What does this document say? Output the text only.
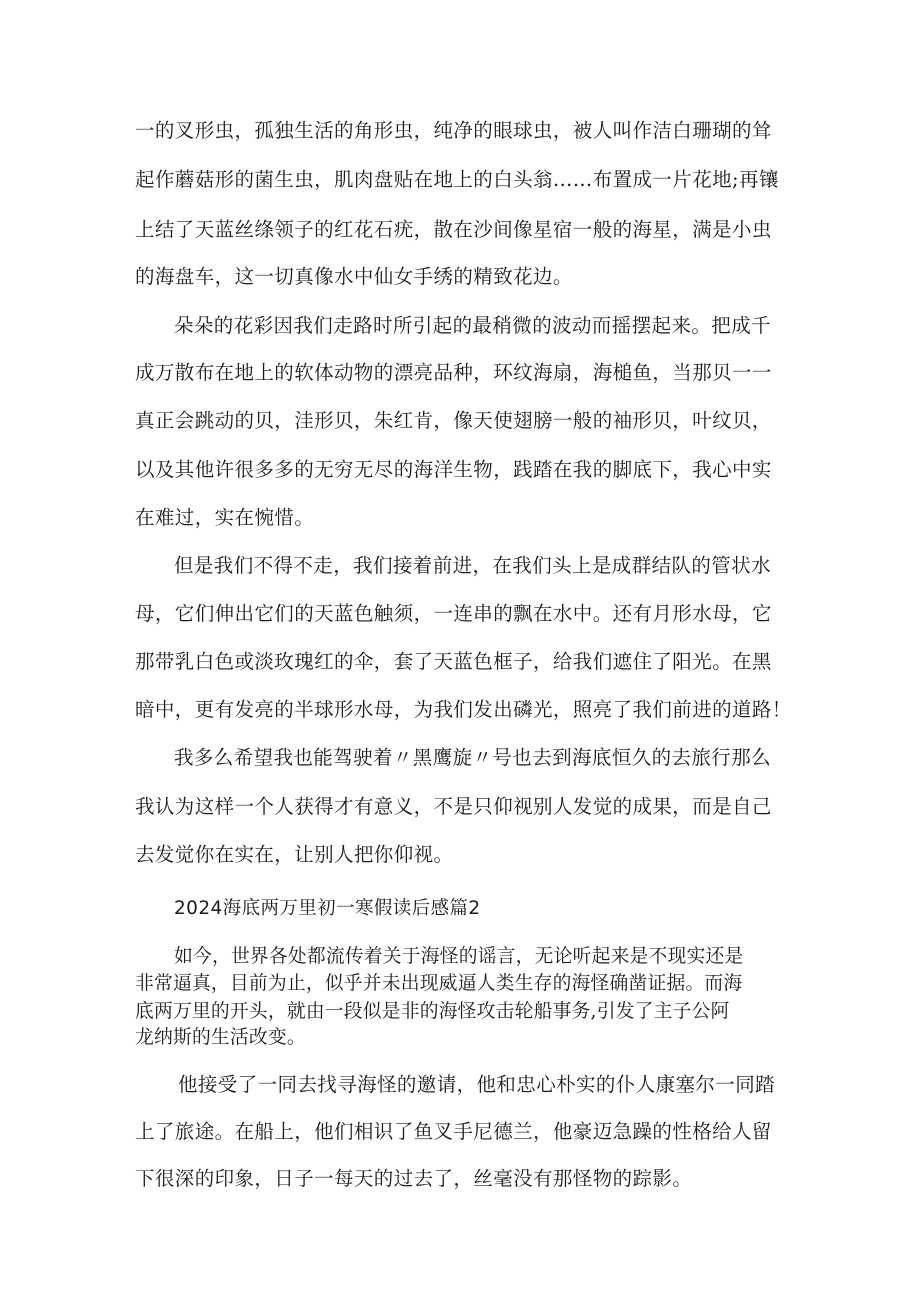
一的叉形虫，孤独生活的角形虫，纯净的眼球虫，被人叫作洁白珊瑚的耸
起作蘑菇形的菌生虫，肌肉盘贴在地上的白头翁……布置成一片花地;再镶
上结了天蓝丝绦领子的红花石疣，散在沙间像星宿一般的海星，满是小虫
的海盘车，这一切真像水中仙女手绣的精致花边。
朵朵的花彩因我们走路时所引起的最稍微的波动而摇摆起来。把成千
成万散布在地上的软体动物的漂亮品种，环纹海扇，海槌鱼，当那贝一一
真正会跳动的贝，洼形贝，朱红肯，像天使翅膀一般的袖形贝，叶纹贝，
以及其他许很多多的无穷无尽的海洋生物，践踏在我的脚底下，我心中实
在难过，实在惋惜。
但是我们不得不走，我们接着前进，在我们头上是成群结队的管状水
母，它们伸出它们的天蓝色触须，一连串的飘在水中。还有月形水母，它
那带乳白色或淡玫瑰红的伞，套了天蓝色框子，给我们遮住了阳光。在黑
暗中，更有发亮的半球形水母，为我们发出磷光，照亮了我们前进的道路！
我多么希望我也能驾驶着〃黑鹰旋〃号也去到海底恒久的去旅行那么
我认为这样一个人获得才有意义，不是只仰视别人发觉的成果，而是自己
去发觉你在实在，让别人把你仰视。
2024海底两万里初一寒假读后感篇2
如今，世界各处都流传着关于海怪的谣言，无论听起来是不现实还是
非常逼真，目前为止，似乎并未出现威逼人类生存的海怪确凿证据。而海
底两万里的开头，就由一段似是非的海怪攻击轮船事务,引发了主子公阿
龙纳斯的生活改变。
他接受了一同去找寻海怪的邀请，他和忠心朴实的仆人康塞尔一同踏
上了旅途。在船上，他们相识了鱼叉手尼德兰，他豪迈急躁的性格给人留
下很深的印象，日子一每天的过去了，丝毫没有那怪物的踪影。
